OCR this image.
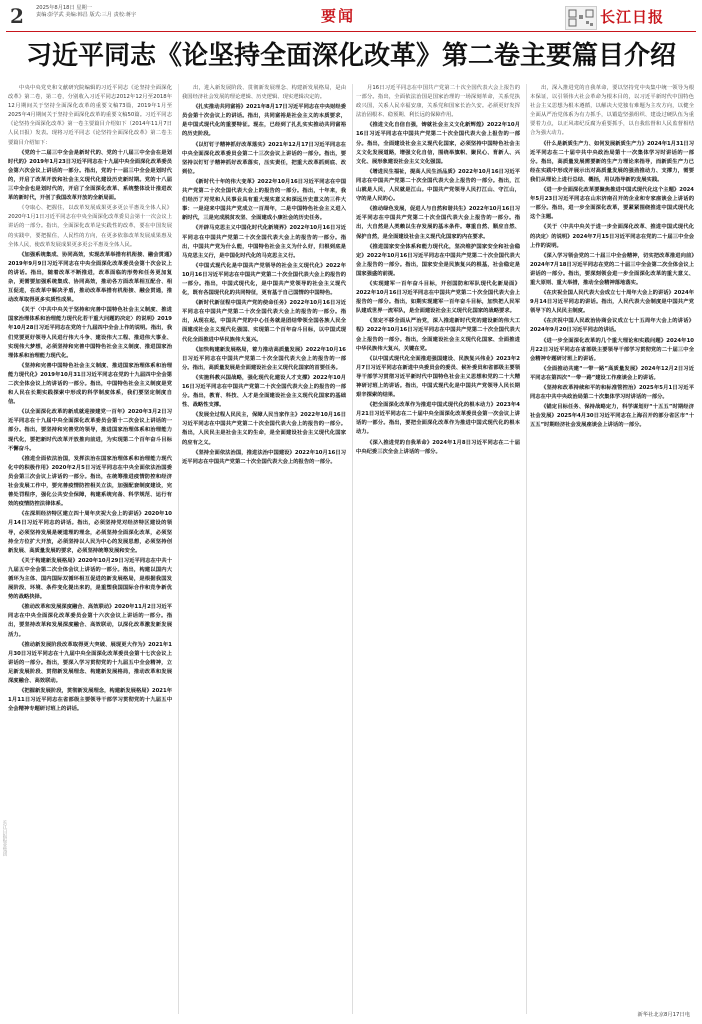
2 2025年8月18日 星期一
责编:彭学武 美编:韩昌 版式:三月 责校:蒋宇	要闻	长江日报
习近平同志《论坚持全面深化改革》第二卷主要篇目介绍

中央中央党史和文献研究院编辑的习近平同志《论坚持全面深化改革》第二卷，第二卷，分别收入习近平同志2012年12月至2018年12月期间关于坚持全面深化改革的重要文稿73篇，2019年1月至2025年4月期间关于坚持全面深化改革的重要文稿50篇。习近平同志《论坚持全面深化改革》第一卷主要篇目介绍如下（2014年11月7日人民日报）发表。现将习近平同志《论坚持全面深化改革》第二卷主要篇目介绍如下：

《党的十二届三中全会是新时代的、党的十八届三中全会在是划时代的》2019年1月23日习近平同志在十九届中央全面深化改革委员会第六次会议上讲话的一部分。指出，党的十一届三中全会是划时代的，开启了改革开放和社会主义现代化建设历史新时期。党的十八届三中全会也是划时代的，开启了全面深化改革、系统整体设计推进改革的新时代，开创了我国改革开放的全新局面。

《夺取心、把握住，以改革发展成果更多更公平惠及全体人民》2020年1月1日习近平同志在中央全面深化改革委员会第十一次会议上讲话的一部分。指出，全面深化改革是实践性的改革，要在中国发展的实践中，要把握住，人民性的方向，在更多依靠改革发展成果惠及全体人民，使改革发展成果更多更公平惠及全体人民。

《加强系统集成、协同高效，实现改革举措有机衔接、融会贯通》2019年9月9日习近平同志在中央全面深化改革委员会第十次会议上的讲话。指出，随着改革不断推进，改革面临的形势和任务更加复杂，更需要加强系统集成、协同高效，推动各方面改革相互配合、相互促进，在改革中解决矛盾，推动改革举措有机衔接、融会贯通，推动改革取得更多实质性成果。

《关于〈中共中央关于坚持和完善中国特色社会主义制度、推进国家治理体系和治理能力现代化若干重大问题的决定〉的说明》2019年10月28日习近平同志在党的十九届四中全会上作的说明。指出，我们党要更好领导人民进行伟大斗争、建设伟大工程、推进伟大事业、实现伟大梦想，必须坚持和完善中国特色社会主义制度、推进国家治理体系和治理能力现代化。

《坚持和完善中国特色社会主义制度、推进国家治理体系和治理能力现代化》2019年10月31日习近平同志在党的十九届四中全会第二次全体会议上的讲话的一部分。指出，中国特色社会主义制度是党和人民在长期实践探索中形成的科学制度体系，我们要坚定制度自信。

《以全面深化改革的新成就迎接建党一百年》2020年3月2日习近平同志在十九届中央全面深化改革委员会第十二次会议上讲话的一部分。指出，要坚持和完善党的领导，推进国家治理体系和治理能力现代化，要把新时代改革开放推向前进，为实现第二个百年奋斗目标不懈奋斗。

《推进全面依法治国，发挥法治在国家治理体系和治理能力现代化中的积极作用》2020年2月5日习近平同志在中央全面依法治国委员会第三次会议上讲话的一部分。指出，在统筹推进疫情防控和经济社会发展工作中，要完善疫情防控相关立法，加强配套制度建设，完善处罚程序，强化公共安全保障，构建系统完备、科学规范、运行有效的疫情防控法律体系。

《在深圳经济特区建立四十周年庆祝大会上的讲话》2020年10月14日习近平同志的讲话。指出，必须坚持党对经济特区建设的领导，必须坚持发展是硬道理的理念，必须坚持全面深化改革，必须坚持全方位扩大开放，必须坚持以人民为中心的发展思想，必须坚持创新发展、高质量发展的要求，必须坚持统筹发展和安全。

《关于构建新发展格局》2020年10月29日习近平同志在中共十九届五中全会第二次全体会议上讲话的一部分。指出，构建以国内大循环为主体、国内国际双循环相互促进的新发展格局，是根据我国发展阶段、环境、条件变化提出来的，是重塑我国国际合作和竞争新优势的战略抉择。

《推动改革和发展深度融合、高效联动》2020年11月2日习近平同志在中央全面深化改革委员会第十六次会议上讲话的一部分。指出，要坚持改革和发展深度融合、高效联动，以深化改革激发新发展活力。

《推动新发展阶段改革取得更大突破、展现更大作为》2021年1月30日习近平同志在十九届中央全面深化改革委员会第十七次会议上讲话的一部分。指出，要深入学习贯彻党的十九届五中全会精神，立足新发展阶段、贯彻新发展理念、构建新发展格局，推动改革和发展深度融合、高效联动。

《把握新发展阶段，贯彻新发展理念，构建新发展格局》2021年1月11日习近平同志在省部级主要领导干部学习贯彻党的十九届五中全会精神专题研讨班上的讲话。

出，进入新发展阶段、贯彻新发展理念、构建新发展格局，是由我国经济社会发展的理论逻辑、历史逻辑、现实逻辑决定的。

《扎实推动共同富裕》2021年8月17日习近平同志在中央财经委员会第十次会议上的讲话。指出，共同富裕是社会主义的本质要求，是中国式现代化的重要特征。现在，已经到了扎扎实实推动共同富裕的历史阶段。

《以钉钉子精神抓好改革落实》2021年12月17日习近平同志在中央全面深化改革委员会第二十三次会议上讲话的一部分。指出，要坚持以钉钉子精神抓好改革落实，压实责任，把重大改革抓到底、改到位。

《新时代十年的伟大变革》2022年10月16日习近平同志在中国共产党第二十次全国代表大会上的报告的一部分。指出，十年来，我们经历了对党和人民事业具有重大现实意义和深远历史意义的三件大事：一是迎来中国共产党成立一百周年，二是中国特色社会主义进入新时代，三是完成脱贫攻坚、全面建成小康社会的历史任务。

《开辟马克思主义中国化时代化新境界》2022年10月16日习近平同志在中国共产党第二十次全国代表大会上的报告的一部分。指出，中国共产党为什么能，中国特色社会主义为什么好，归根到底是马克思主义行，是中国化时代化的马克思主义行。

《中国式现代化是中国共产党领导的社会主义现代化》2022年10月16日习近平同志在中国共产党第二十次全国代表大会上的报告的一部分。指出，中国式现代化，是中国共产党领导的社会主义现代化，既有各国现代化的共同特征，更有基于自己国情的中国特色。

《新时代新征程中国共产党的使命任务》2022年10月16日习近平同志在中国共产党第二十次全国代表大会上的报告的一部分。指出，从现在起，中国共产党的中心任务就是团结带领全国各族人民全面建成社会主义现代化强国、实现第二个百年奋斗目标，以中国式现代化全面推进中华民族伟大复兴。

《加快构建新发展格局，着力推动高质量发展》2022年10月16日习近平同志在中国共产党第二十次全国代表大会上的报告的一部分。指出，高质量发展是全面建设社会主义现代化国家的首要任务。

《实施科教兴国战略，强化现代化建设人才支撑》2022年10月16日习近平同志在中国共产党第二十次全国代表大会上的报告的一部分。指出，教育、科技、人才是全面建设社会主义现代化国家的基础性、战略性支撑。

《发展全过程人民民主，保障人民当家作主》2022年10月16日习近平同志在中国共产党第二十次全国代表大会上的报告的一部分。指出，人民民主是社会主义的生命，是全面建设社会主义现代化国家的应有之义。

《坚持全面依法治国，推进法治中国建设》2022年10月16日习近平同志在中国共产党第二十次全国代表大会上的报告的一部分。

月16日习近平同志在中国共产党第二十次全国代表大会上报告的一部分。指出，全面依法治国是国家治理的一场深刻革命，关系党执政兴国，关系人民幸福安康，关系党和国家长治久安。必须更好发挥法治固根本、稳预期、利长远的保障作用。

《推进文化自信自强，铸就社会主义文化新辉煌》2022年10月16日习近平同志在中国共产党第二十次全国代表大会上报告的一部分。指出，全面建设社会主义现代化国家，必须坚持中国特色社会主义文化发展道路，增强文化自信，围绕举旗帜、聚民心、育新人、兴文化、展形象建设社会主义文化强国。

《增进民生福祉，提高人民生活品质》2022年10月16日习近平同志在中国共产党第二十次全国代表大会上报告的一部分。指出，江山就是人民，人民就是江山。中国共产党领导人民打江山、守江山，守的是人民的心。

《推动绿色发展，促进人与自然和谐共生》2022年10月16日习近平同志在中国共产党第二十次全国代表大会上报告的一部分。指出，大自然是人类赖以生存发展的基本条件。尊重自然、顺应自然、保护自然，是全面建设社会主义现代化国家的内在要求。

《推进国家安全体系和能力现代化，坚决维护国家安全和社会稳定》2022年10月16日习近平同志在中国共产党第二十次全国代表大会上报告的一部分。指出，国家安全是民族复兴的根基，社会稳定是国家强盛的前提。

《实现建军一百年奋斗目标，开创国防和军队现代化新局面》2022年10月16日习近平同志在中国共产党第二十次全国代表大会上报告的一部分。指出，如期实现建军一百年奋斗目标，加快把人民军队建成世界一流军队，是全面建设社会主义现代化国家的战略要求。

《坚定不移全面从严治党，深入推进新时代党的建设新的伟大工程》2022年10月16日习近平同志在中国共产党第二十次全国代表大会上报告的一部分。指出，全面建设社会主义现代化国家、全面推进中华民族伟大复兴，关键在党。

《以中国式现代化全面推进强国建设、民族复兴伟业》2023年2月7日习近平同志在新进中央委员会的委员、候补委员和省部级主要领导干部学习贯彻习近平新时代中国特色社会主义思想和党的二十大精神研讨班上的讲话。指出，中国式现代化是中国共产党领导人民长期艰辛探索的结果。

《把全面深化改革作为推进中国式现代化的根本动力》2023年4月21日习近平同志在二十届中央全面深化改革委员会第一次会议上讲话的一部分。指出，要把全面深化改革作为推进中国式现代化的根本动力。

《深入推进党的自我革命》2024年1月8日习近平同志在二十届中央纪委三次全会上讲话的一部分。

出，深入推进党的自我革命，要以坚持党中央集中统一领导为根本保证，以引领伟大社会革命为根本目的，以习近平新时代中国特色社会主义思想为根本遵循，以解决大党独有难题为主攻方向，以健全全面从严治党体系为有力抓手，以锻造坚强组织、建设过硬队伍为重要着力点，以正风肃纪反腐为重要抓手，以自我监督和人民监督相结合为强大动力。

《什么是新质生产力、如何发展新质生产力》2024年1月31日习近平同志在二十届中共中央政治局第十一次集体学习时讲话的一部分。指出，高质量发展需要新的生产力理论来指导，而新质生产力已经在实践中形成并展示出对高质量发展的强劲推动力、支撑力，需要我们从理论上进行总结、概括，用以指导新的发展实践。

《进一步全面深化改革要聚焦推进中国式现代化这个主题》2024年5月23日习近平同志在山东济南召开的企业和专家座谈会上讲话的一部分。指出，进一步全面深化改革，要紧紧围绕推进中国式现代化这个主题。

《关于〈中共中央关于进一步全面深化改革、推进中国式现代化的决定〉的说明》2024年7月15日习近平同志在党的二十届三中全会上作的说明。

《深入学习领会党的二十届三中全会精神，切实把改革推进向前》2024年7月18日习近平同志在党的二十届三中全会第二次全体会议上讲话的一部分。指出，要深刻领会进一步全面深化改革的重大意义、重大原则、重大举措，推动全会精神落地落实。

《在庆祝全国人民代表大会成立七十周年大会上的讲话》2024年9月14日习近平同志的讲话。指出，人民代表大会制度是中国共产党领导下的人民民主制度。

《在庆祝中国人民政治协商会议成立七十五周年大会上的讲话》2024年9月20日习近平同志的讲话。

《进一步全面深化改革的几个重大理论和实践问题》2024年10月22日习近平同志在省部级主要领导干部学习贯彻党的二十届三中全会精神专题研讨班上的讲话。

《全面推动共建“一带一路”高质量发展》2024年12月2日习近平同志在第四次“一带一路”建设工作座谈会上的讲话。

《坚持和改革持续和平的和标准管控治》2025年5月1日习近平同志在中共中央政治局第二十次集体学习时讲话的一部分。

《锚定目标任务、保持战略定力，科学谋划好“十五五”时期经济社会发展》2025年4月30日习近平同志在上海召开的部分省区市“十五五”时期经济社会发展座谈会上讲话的一部分。

新华社北京8月17日电
长江日报报业集团
